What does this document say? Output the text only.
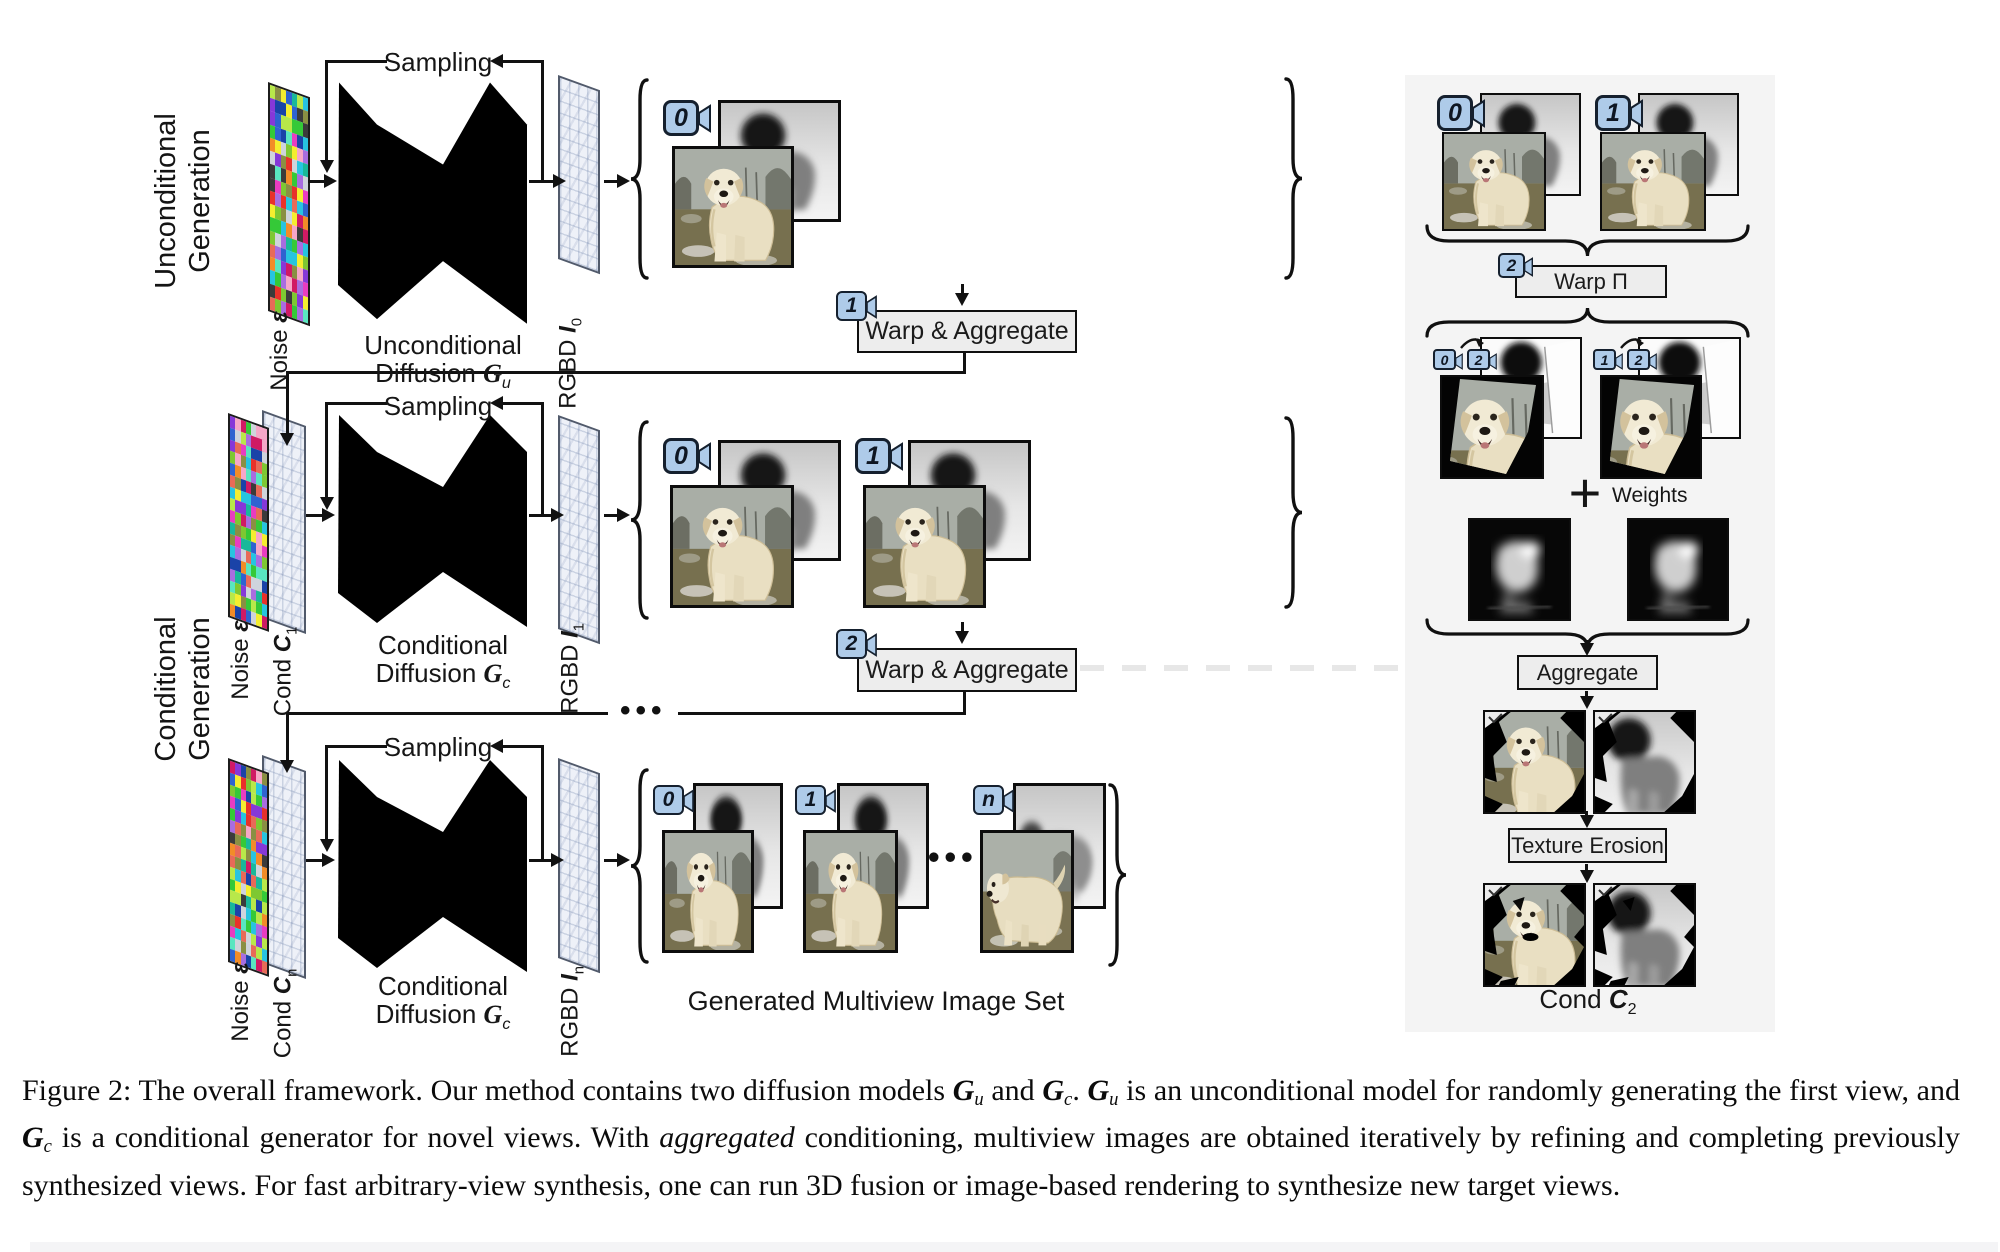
Warp & Aggregate
Warp & Aggregate
0
1
0	1
2
0	1	n
0	1
2
0 2	1 2
Warp Π
Aggregate
Texture Erosion
Unconditional Generation
Conditional Generation
Sampling
Sampling
Sampling
Noise ε
Noise ε
Noise ε
Cond $C_1$
Cond $C_n$
RGBD $I_0$
RGBD $I_1$
RGBD $I_n$
Unconditional
Diffusion $G_u$
Conditional
Diffusion $G_c$
Conditional
Diffusion $G_c$
•••
•••
Generated Multiview Image Set
+ Weights
Cond $C_2$
Figure 2: The overall framework. Our method contains two diffusion models Gu and Gc. Gu is an unconditional model for randomly generating the first view, and Gc is a conditional generator for novel views. With aggregated conditioning, multiview images are obtained iteratively by refining and completing previously synthesized views. For fast arbitrary-view synthesis, one can run 3D fusion or image-based rendering to synthesize new target views.
